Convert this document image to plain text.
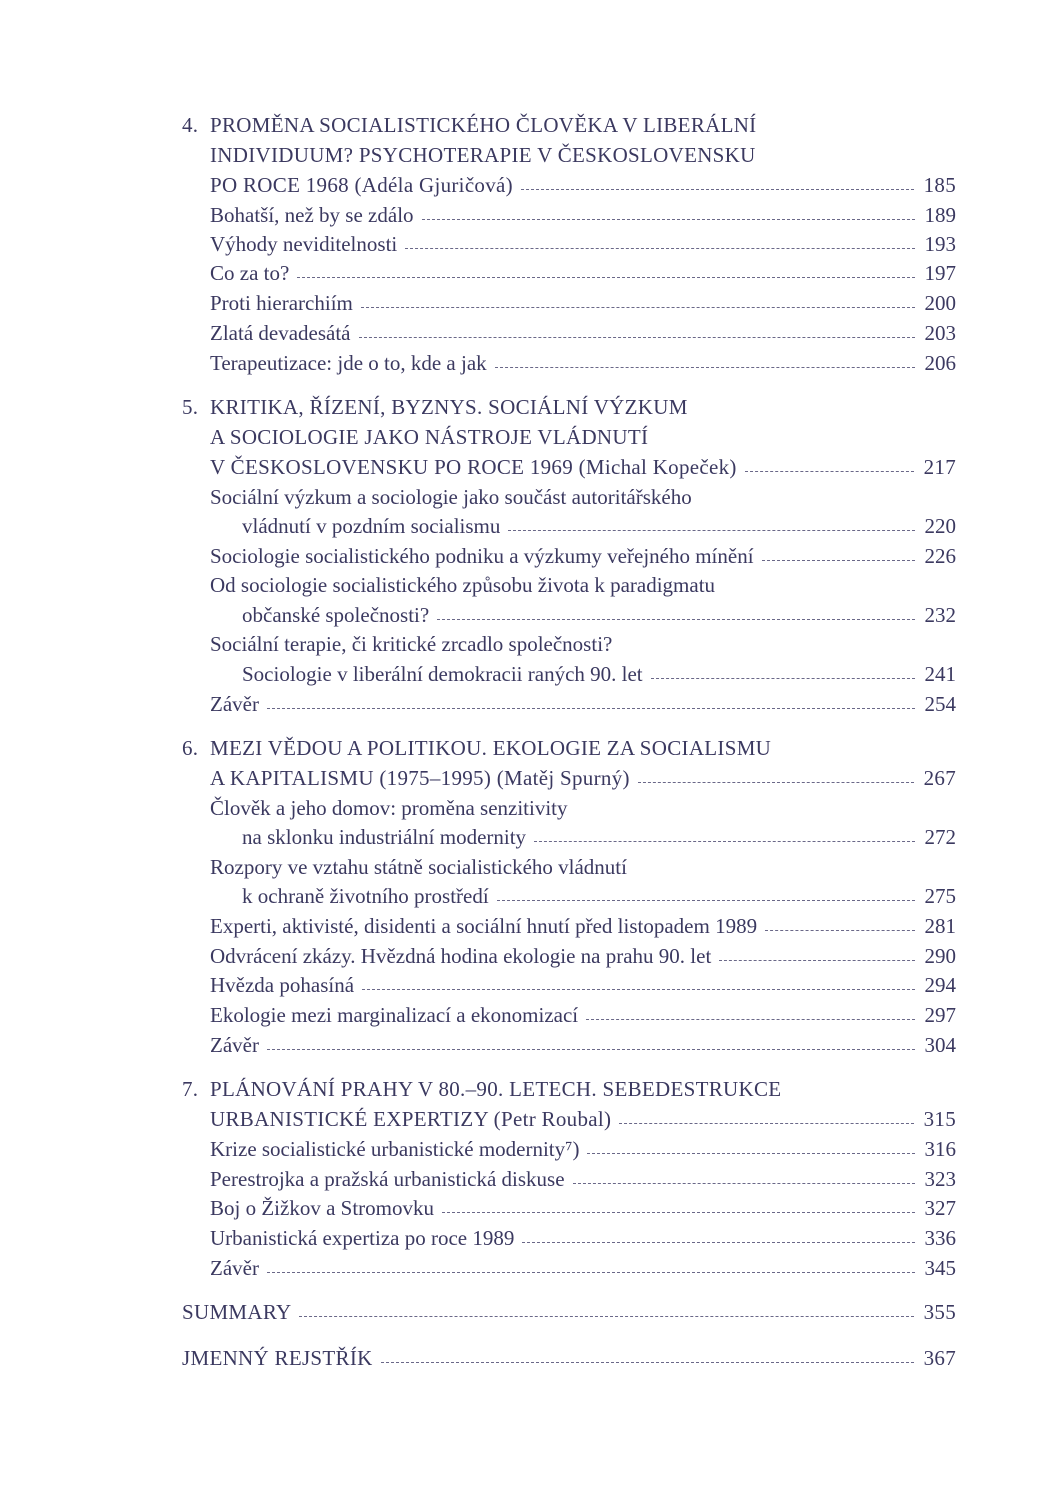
4. PROMĚNA SOCIALISTICKÉHO ČLOVĚKA V LIBERÁLNÍ
INDIVIDUUM? PSYCHOTERAPIE V ČESKOSLOVENSKU
PO ROCE 1968 (Adéla Gjuričová)	185
Bohatší, než by se zdálo	189
Výhody neviditelnosti	193
Co za to?	197
Proti hierarchiím	200
Zlatá devadesátá	203
Terapeutizace: jde o to, kde a jak	206
5. KRITIKA, ŘÍZENÍ, BYZNYS. SOCIÁLNÍ VÝZKUM
A SOCIOLOGIE JAKO NÁSTROJE VLÁDNUTÍ
V ČESKOSLOVENSKU PO ROCE 1969 (Michal Kopeček)	217
Sociální výzkum a sociologie jako součást autoritářského
vládnutí v pozdním socialismu	220
Sociologie socialistického podniku a výzkumy veřejného mínění	226
Od sociologie socialistického způsobu života k paradigmatu
občanské společnosti?	232
Sociální terapie, či kritické zrcadlo společnosti?
Sociologie v liberální demokracii raných 90. let	241
Závěr	254
6. MEZI VĚDOU A POLITIKOU. EKOLOGIE ZA SOCIALISMU
A KAPITALISMU (1975–1995) (Matěj Spurný)	267
Člověk a jeho domov: proměna senzitivity
na sklonku industriální modernity	272
Rozpory ve vztahu státně socialistického vládnutí
k ochraně životního prostředí	275
Experti, aktivisté, disidenti a sociální hnutí před listopadem 1989	281
Odvrácení zkázy. Hvězdná hodina ekologie na prahu 90. let	290
Hvězda pohasíná	294
Ekologie mezi marginalizací a ekonomizací	297
Závěr	304
7. PLÁNOVÁNÍ PRAHY V 80.–90. LETECH. SEBEDESTRUKCE
URBANISTICKÉ EXPERTIZY (Petr Roubal)	315
Krize socialistické urbanistické modernity⁷)	316
Perestrojka a pražská urbanistická diskuse	323
Boj o Žižkov a Stromovku	327
Urbanistická expertiza po roce 1989	336
Závěr	345
SUMMARY	355
JMENNÝ REJSTŘÍK	367
